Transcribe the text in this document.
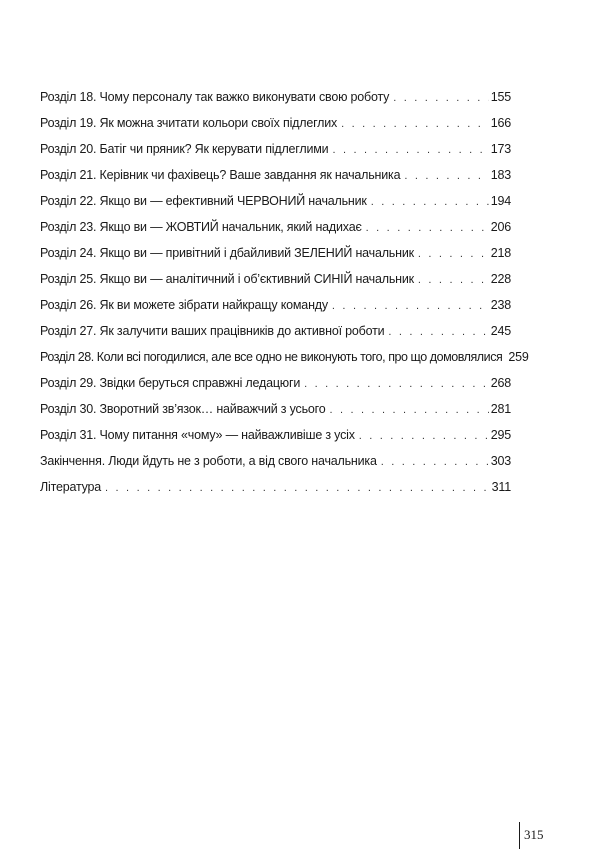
Розділ 18. Чому персоналу так важко виконувати свою роботу . . .	155
Розділ 19. Як можна зчитати кольори своїх підлеглих . . .	166
Розділ 20. Батіг чи пряник? Як керувати підлеглими . . .	173
Розділ 21. Керівник чи фахівець? Ваше завдання як начальника . . .	183
Розділ 22. Якщо ви — ефективний ЧЕРВОНИЙ начальник . . .	194
Розділ 23. Якщо ви — ЖОВТИЙ начальник, який надихає . . .	206
Розділ 24. Якщо ви — привітний і дбайливий ЗЕЛЕНИЙ начальник . . .	218
Розділ 25. Якщо ви — аналітичний і об’єктивний СИНІЙ начальник . . .	228
Розділ 26. Як ви можете зібрати найкращу команду . . .	238
Розділ 27. Як залучити ваших працівників до активної роботи . . .	245
Розділ 28. Коли всі погодилися, але все одно не виконують того, про що домовлялися 259
Розділ 29. Звідки беруться справжні ледацюги . . .	268
Розділ 30. Зворотний зв’язок… найважчий з усього . . .	281
Розділ 31. Чому питання «чому» — найважливіше з усіх . . .	295
Закінчення. Люди йдуть не з роботи, а від свого начальника . . .	303
Література . . .	311
315
